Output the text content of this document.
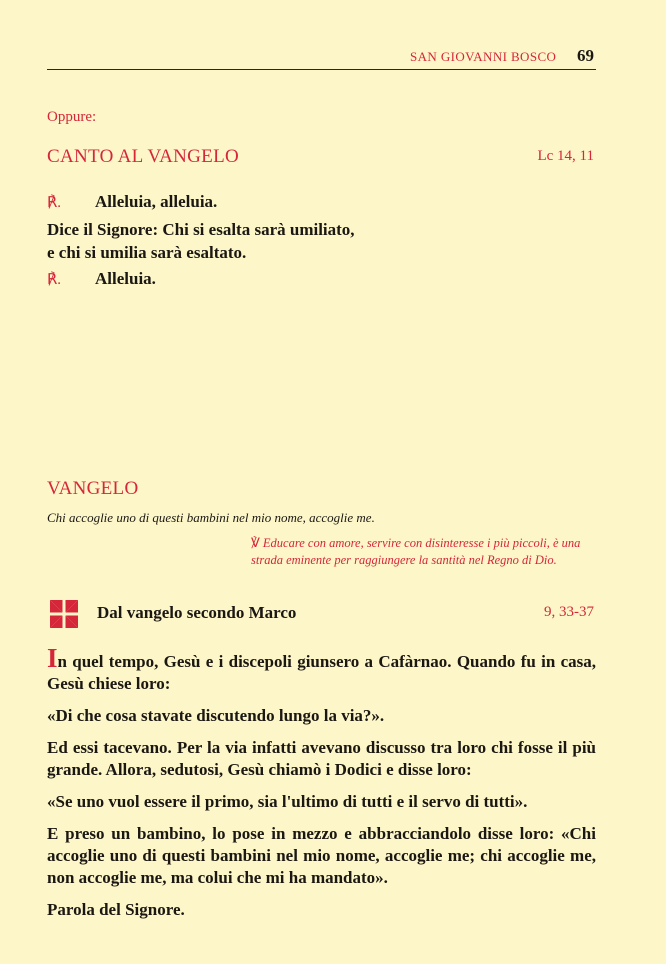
SAN GIOVANNI BOSCO	69
Oppure:
CANTO AL VANGELO	Lc 14, 11
℟. Alleluia, alleluia.
Dice il Signore: Chi si esalta sarà umiliato,
e chi si umilia sarà esaltato.
℟. Alleluia.
VANGELO
Chi accoglie uno di questi bambini nel mio nome, accoglie me.
℣ Educare con amore, servire con disinteresse i più piccoli, è una strada eminente per raggiungere la santità nel Regno di Dio.
Dal vangelo secondo Marco	9, 33-37

In quel tempo, Gesù e i discepoli giunsero a Cafàrnao. Quando fu in casa, Gesù chiese loro:

«Di che cosa stavate discutendo lungo la via?».

Ed essi tacevano. Per la via infatti avevano discusso tra loro chi fosse il più grande. Allora, sedutosi, Gesù chiamò i Dodici e disse loro:

«Se uno vuol essere il primo, sia l'ultimo di tutti e il servo di tutti».

E preso un bambino, lo pose in mezzo e abbracciandolo disse loro: «Chi accoglie uno di questi bambini nel mio nome, accoglie me; chi accoglie me, non accoglie me, ma colui che mi ha mandato».

Parola del Signore.
